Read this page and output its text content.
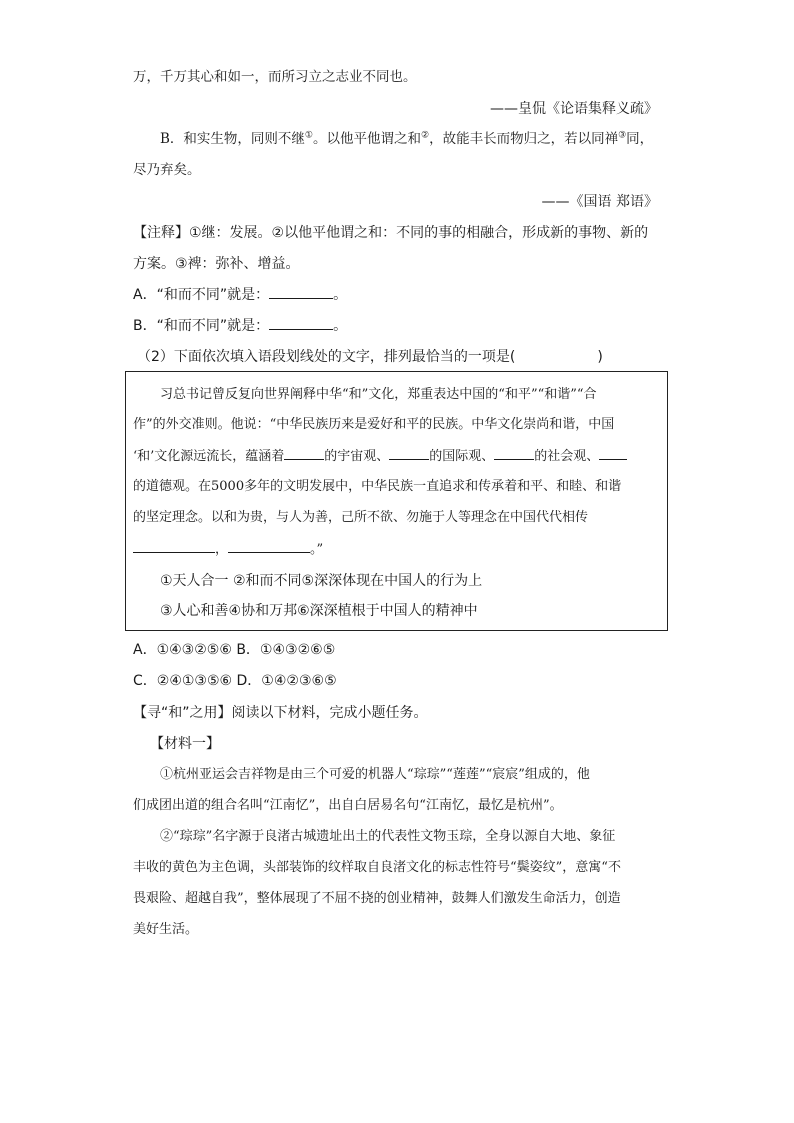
万，千万其心和如一，而所习立之志业不同也。
——皇侃《论语集释义疏》
B．和实生物，同则不继①。以他平他谓之和②，故能丰长而物归之，若以同禅③同，
尽乃弃矣。
——《国语 郑语》
【注释】①继：发展。②以他平他谓之和：不同的事的相融合，形成新的事物、新的
方案。③裨：弥补、增益。
A．“和而不同”就是：	。
B．“和而不同”就是：	。
（2）下面依次填入语段划线处的文字，排列最恰当的一项是(	)
习总书记曾反复向世界阐释中华“和”文化，郑重表达中国的“和平”“和谐”“合
作”的外交准则。他说：“中华民族历来是爱好和平的民族。中华文化崇尚和谐，中国
‘和’文化源远流长，蕴涵着	的宇宙观、	的国际观、	的社会观、
的道德观。在5000多年的文明发展中，中华民族一直追求和传承着和平、和睦、和谐
的坚定理念。以和为贵，与人为善，己所不欲、勿施于人等理念在中国代代相传
，	。”
①天人合一 ②和而不同⑤深深体现在中国人的行为上
③人心和善④协和万邦⑥深深植根于中国人的精神中
A．①④③②⑤⑥ B．①④③②⑥⑤
C．②④①③⑤⑥ D．①④②③⑥⑤
【寻“和”之用】阅读以下材料，完成小题任务。
【材料一】
①杭州亚运会吉祥物是由三个可爱的机器人“琮琮”“莲莲”“宸宸”组成的，他
们成团出道的组合名叫“江南忆”，出自白居易名句“江南忆，最忆是杭州”。
②“琮琮”名字源于良渚古城遗址出土的代表性文物玉琮，全身以源自大地、象征
丰收的黄色为主色调，头部装饰的纹样取自良渚文化的标志性符号“鬓姿纹”，意寓“不
畏艰险、超越自我”，整体展现了不屈不挠的创业精神，鼓舞人们激发生命活力，创造
美好生活。
